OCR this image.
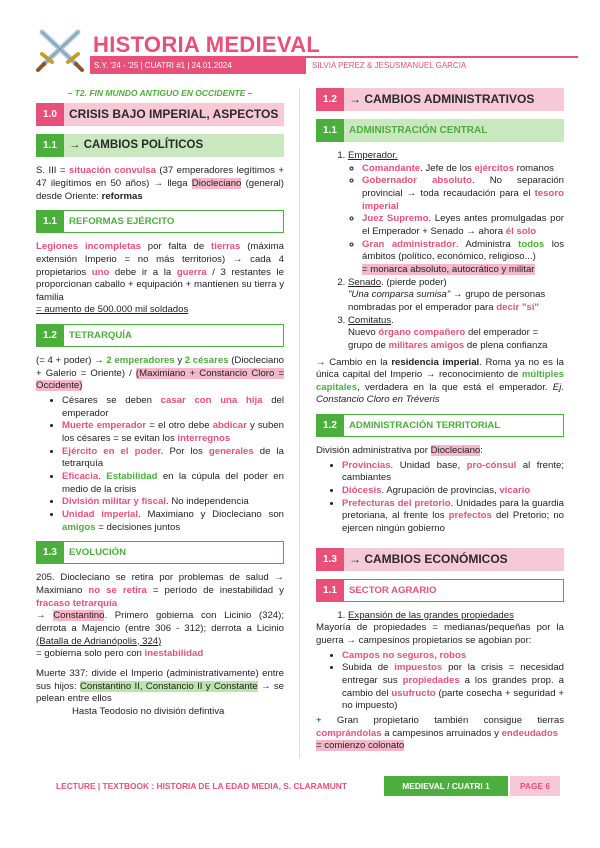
HISTORIA MEDIEVAL
S.Y. '24 - '25 | CUATRI #1 | 24.01.2024	SILVIA PEREZ & JESUSMANUEL GARCIA
– T2. FIN MUNDO ANTIGUO EN OCCIDENTE –
1.0	CRISIS BAJO IMPERIAL, ASPECTOS
1.1	→ CAMBIOS POLÍTICOS

S. III = situación convulsa (37 emperadores legítimos + 47 ilegítimos en 50 años) → llega Diocleciano (general) desde Oriente: reformas

1.1	REFORMAS EJÉRCITO

Legiones incompletas por falta de tierras (máxima extensión Imperio = no más territorios) → cada 4 propietarios uno debe ir a la guerra / 3 restantes le proporcionan caballo + equipación + mantienen su tierra y familia
= aumento de 500.000 mil soldados

1.2	TETRARQUÍA

(= 4 + poder) → 2 emperadores y 2 césares (Diocleciano + Galerio = Oriente) / (Maximiano + Constancio Cloro = Occidente)

• Césares se deben casar con una hija del emperador
• Muerte emperador = el otro debe abdicar y suben los césares = se evitan los interregnos
• Ejército en el poder. Por los generales de la tetrarquía
• Eficacia. Estabilidad en la cúpula del poder en medio de la crisis
• División militar y fiscal. No independencia
• Unidad imperial. Maximiano y Diocleciano son amigos = decisiones juntos
1.3	EVOLUCIÓN

205. Diocleciano se retira por problemas de salud → Maximiano no se retira = período de inestabilidad y fracaso tetrarquía
→ Constantino. Primero gobierna con Licinio (324); derrota a Majencio (entre 306 - 312); derrota a Licinio (Batalla de Adrianópolis, 324)
= gobierna solo pero con inestabilidad

Muerte 337: divide el Imperio (administrativamente) entre sus hijos: Constantino II, Constancio II y Constante → se pelean entre ellos
Hasta Teodosio no división defintiva

1.2	→ CAMBIOS ADMINISTRATIVOS
1.1	ADMINISTRACIÓN CENTRAL
1. Emperador.
◦ Comandante. Jefe de los ejércitos romanos
◦ Gobernador absoluto. No separación provincial → toda recaudación para el tesoro imperial
◦ Juez Supremo. Leyes antes promulgadas por el Emperador + Senado → ahora él solo
◦ Gran administrador. Administra todos los ámbitos (político, económico, religioso...)
= monarca absoluto, autocrático y militar
2. Senado. (pierde poder)
"Una comparsa sumisa" → grupo de personas nombradas por el emperador para decir "sí"
3. Comitatus.
Nuevo órgano compañero del emperador = grupo de militares amigos de plena confianza

→ Cambio en la residencia imperial. Roma ya no es la única capital del Imperio → reconocimiento de múltiples capitales, verdadera en la que está el emperador. Ej. Constancio Cloro en Tréveris

1.2	ADMINISTRACIÓN TERRITORIAL

División administrativa por Diocleciano:

• Provincias. Unidad base, pro-cónsul al frente; cambiantes
• Diócesis. Agrupación de provincias, vicario
• Prefecturas del pretorio. Unidades para la guardia pretoriana, al frente los prefectos del Pretorio; no ejercen ningún gobierno
1.3	→ CAMBIOS ECONÓMICOS
1.1	SECTOR AGRARIO
1. Expansión de las grandes propiedades

Mayoría de propiedades = medianas/pequeñas por la guerra → campesinos propietarios se agobian por:

• Campos no seguros, robos
• Subida de impuestos por la crisis = necesidad entregar sus propiedades a los grandes prop. a cambio del usufructo (parte cosecha + seguridad + no impuesto)

+ Gran propietario también consigue tierras comprándolas a campesinos arruinados y endeudados
= comienzo colonato

LECTURE | TEXTBOOK : HISTORIA DE LA EDAD MEDIA, S. CLARAMUNT	MEDIEVAL / CUATRI 1	PAGE 6
